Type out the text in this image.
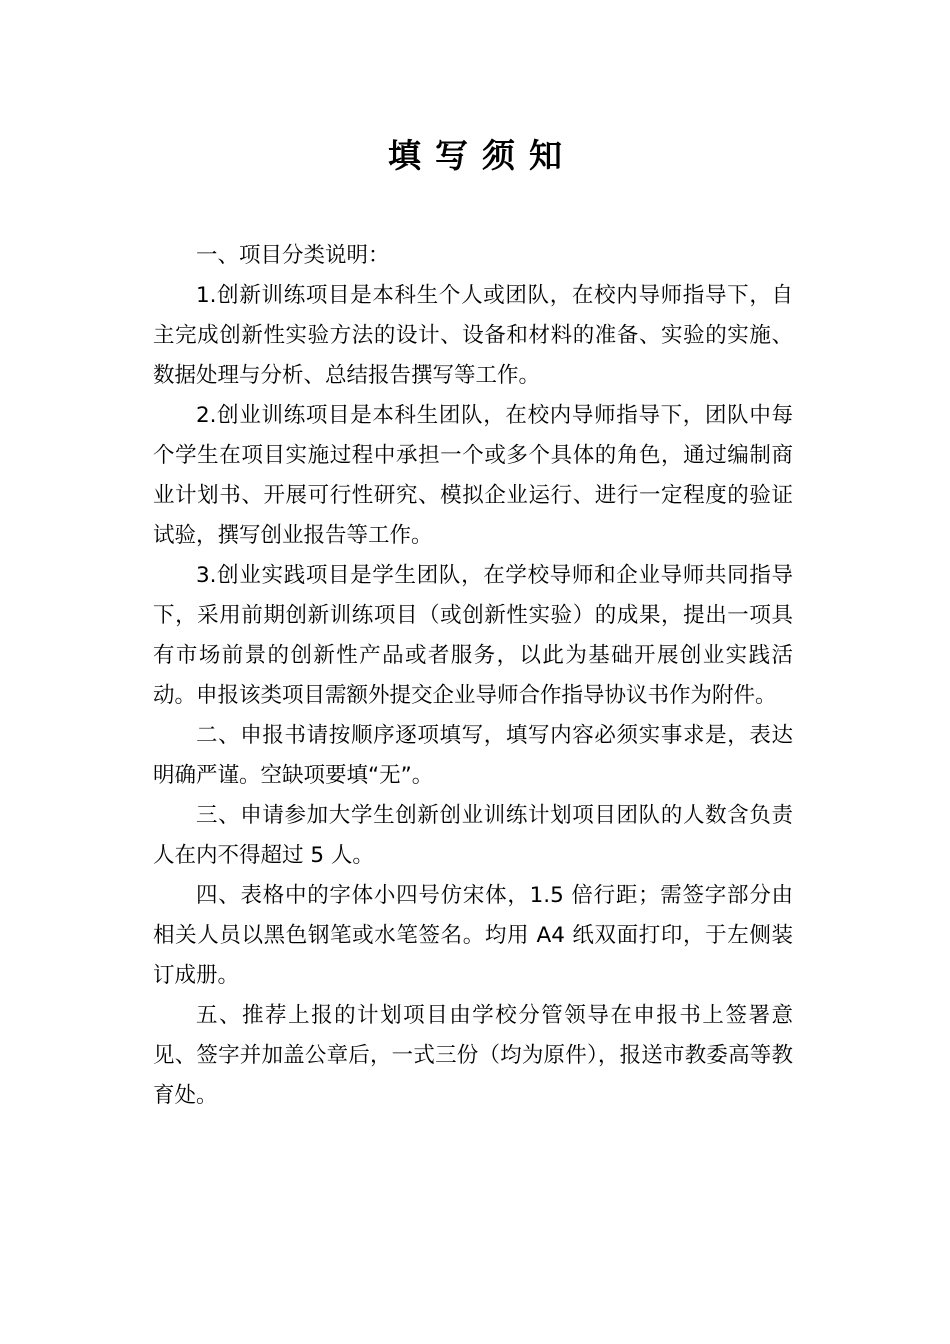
填写须知

一、项目分类说明：

1.创新训练项目是本科生个人或团队，在校内导师指导下，自主完成创新性实验方法的设计、设备和材料的准备、实验的实施、数据处理与分析、总结报告撰写等工作。

2.创业训练项目是本科生团队，在校内导师指导下，团队中每个学生在项目实施过程中承担一个或多个具体的角色，通过编制商业计划书、开展可行性研究、模拟企业运行、进行一定程度的验证试验，撰写创业报告等工作。

3.创业实践项目是学生团队，在学校导师和企业导师共同指导下，采用前期创新训练项目（或创新性实验）的成果，提出一项具有市场前景的创新性产品或者服务，以此为基础开展创业实践活动。申报该类项目需额外提交企业导师合作指导协议书作为附件。

二、申报书请按顺序逐项填写，填写内容必须实事求是，表达明确严谨。空缺项要填“无”。

三、申请参加大学生创新创业训练计划项目团队的人数含负责人在内不得超过 5 人。

四、表格中的字体小四号仿宋体，1.5 倍行距；需签字部分由相关人员以黑色钢笔或水笔签名。均用 A4 纸双面打印，于左侧装订成册。

五、推荐上报的计划项目由学校分管领导在申报书上签署意见、签字并加盖公章后，一式三份（均为原件），报送市教委高等教育处。
